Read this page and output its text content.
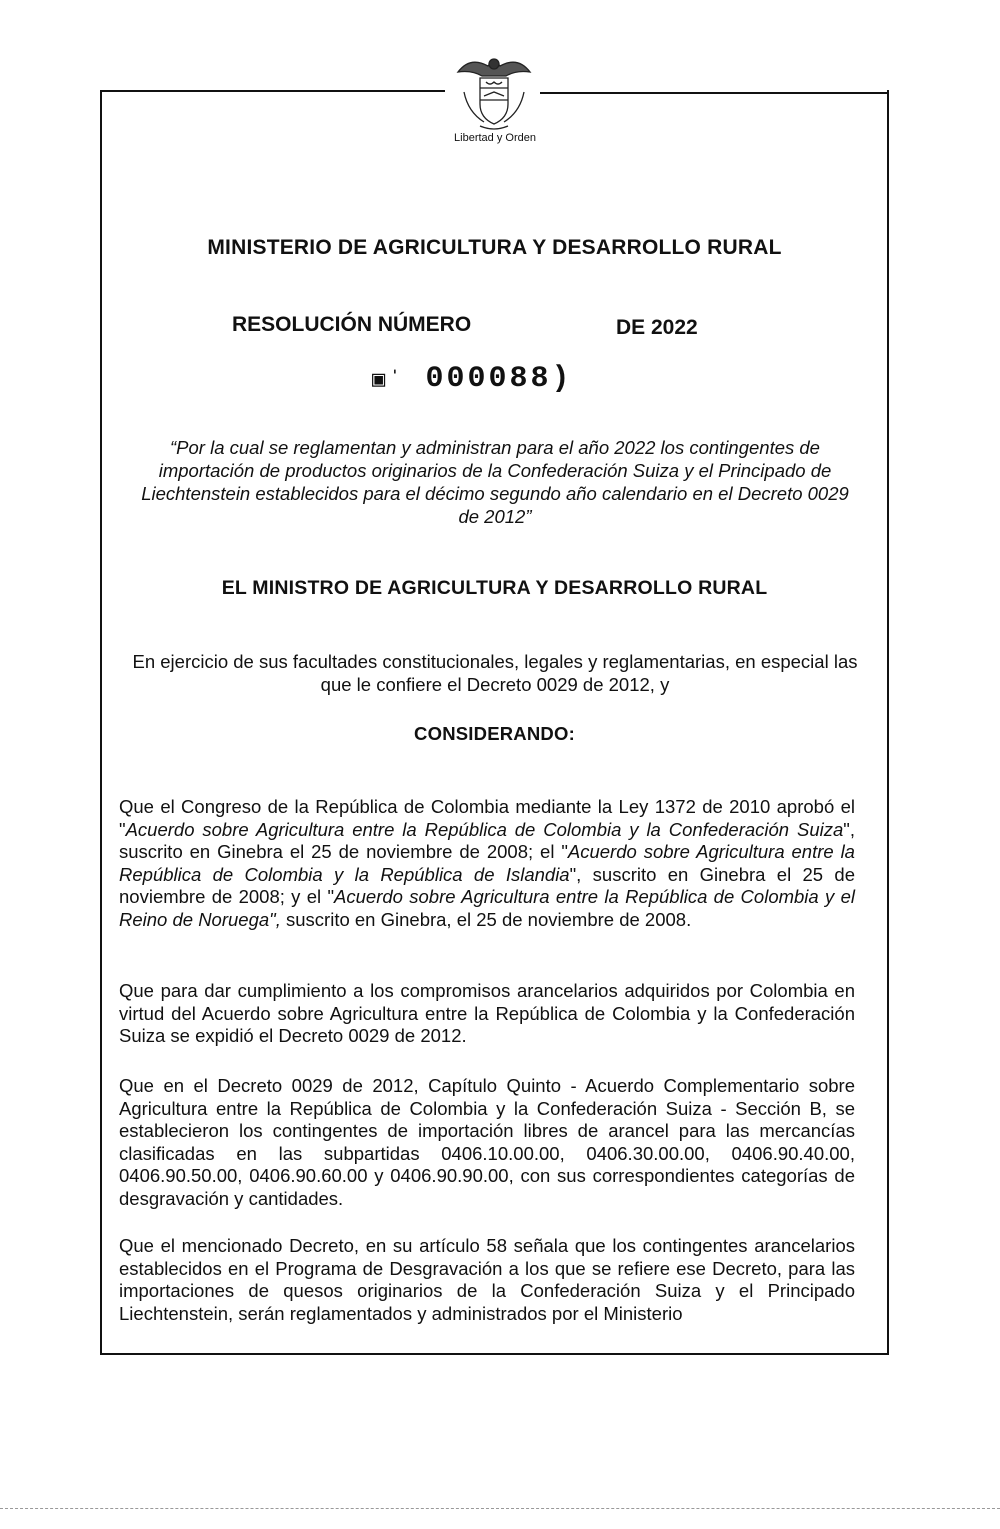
Libertad y Orden
MINISTERIO DE AGRICULTURA Y DESARROLLO RURAL
RESOLUCIÓN NÚMERO	DE 2022
▣ˈ 000088)
“Por la cual se reglamentan y administran para el año 2022 los contingentes de importación de productos originarios de la Confederación Suiza y el Principado de Liechtenstein establecidos para el décimo segundo año calendario en el Decreto 0029 de 2012”
EL MINISTRO DE AGRICULTURA Y DESARROLLO RURAL
En ejercicio de sus facultades constitucionales, legales y reglamentarias, en especial las que le confiere el Decreto 0029 de 2012, y
CONSIDERANDO:

Que el Congreso de la República de Colombia mediante la Ley 1372 de 2010 aprobó el "Acuerdo sobre Agricultura entre la República de Colombia y la Confederación Suiza", suscrito en Ginebra el 25 de noviembre de 2008; el "Acuerdo sobre Agricultura entre la República de Colombia y la República de Islandia", suscrito en Ginebra el 25 de noviembre de 2008; y el "Acuerdo sobre Agricultura entre la República de Colombia y el Reino de Noruega", suscrito en Ginebra, el 25 de noviembre de 2008.

Que para dar cumplimiento a los compromisos arancelarios adquiridos por Colombia en virtud del Acuerdo sobre Agricultura entre la República de Colombia y la Confederación Suiza se expidió el Decreto 0029 de 2012.

Que en el Decreto 0029 de 2012, Capítulo Quinto - Acuerdo Complementario sobre Agricultura entre la República de Colombia y la Confederación Suiza - Sección B, se establecieron los contingentes de importación libres de arancel para las mercancías clasificadas en las subpartidas 0406.10.00.00, 0406.30.00.00, 0406.90.40.00, 0406.90.50.00, 0406.90.60.00 y 0406.90.90.00, con sus correspondientes categorías de desgravación y cantidades.

Que el mencionado Decreto, en su artículo 58 señala que los contingentes arancelarios establecidos en el Programa de Desgravación a los que se refiere ese Decreto, para las importaciones de quesos originarios de la Confederación Suiza y el Principado Liechtenstein, serán reglamentados y administrados por el Ministerio
